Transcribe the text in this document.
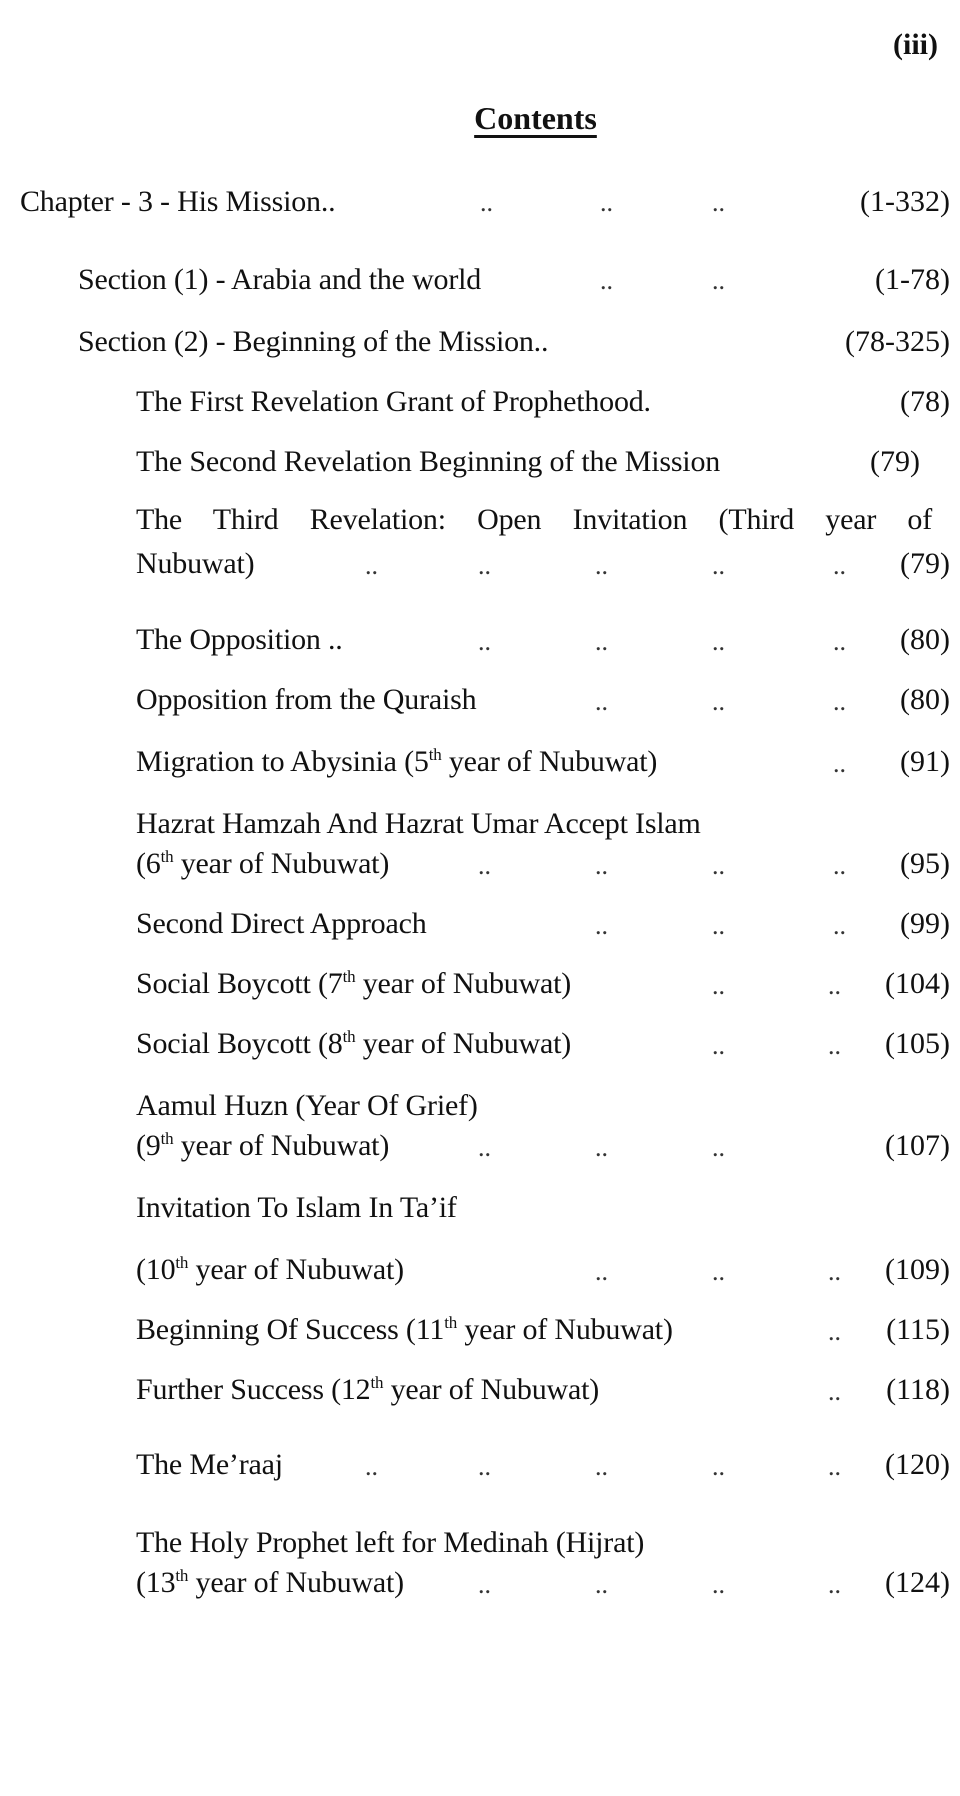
(iii)
Contents
Chapter - 3 - His Mission..	..	..	..	(1-332)
Section (1) - Arabia and the world	..	..	(1-78)
Section (2) - Beginning of the Mission..	(78-325)
The First Revelation Grant of Prophethood.	(78)
The Second Revelation Beginning of the Mission	(79)
The Third Revelation: Open Invitation (Third year of
Nubuwat)	..	..	..	..	.. (79)
The Opposition ..	..	..	..	.. (80)
Opposition from the Quraish	..	..	.. (80)
Migration to Abysinia (5th year of Nubuwat)	.. (91)
Hazrat Hamzah And Hazrat Umar Accept Islam
(6th year of Nubuwat)	..	..	..	.. (95)
Second Direct Approach	..	..	.. (99)
Social Boycott (7th year of Nubuwat)	..	.. (104)
Social Boycott (8th year of Nubuwat)	..	.. (105)
Aamul Huzn (Year Of Grief)
(9th year of Nubuwat)	..	..	..	(107)
Invitation To Islam In Ta’if
(10th year of Nubuwat)	..	..	.. (109)
Beginning Of Success (11th year of Nubuwat)	.. (115)
Further Success (12th year of Nubuwat)	.. (118)
The Me’raaj	..	..	..	..	.. (120)
The Holy Prophet left for Medinah (Hijrat)
(13th year of Nubuwat)	..	..	..	.. (124)
